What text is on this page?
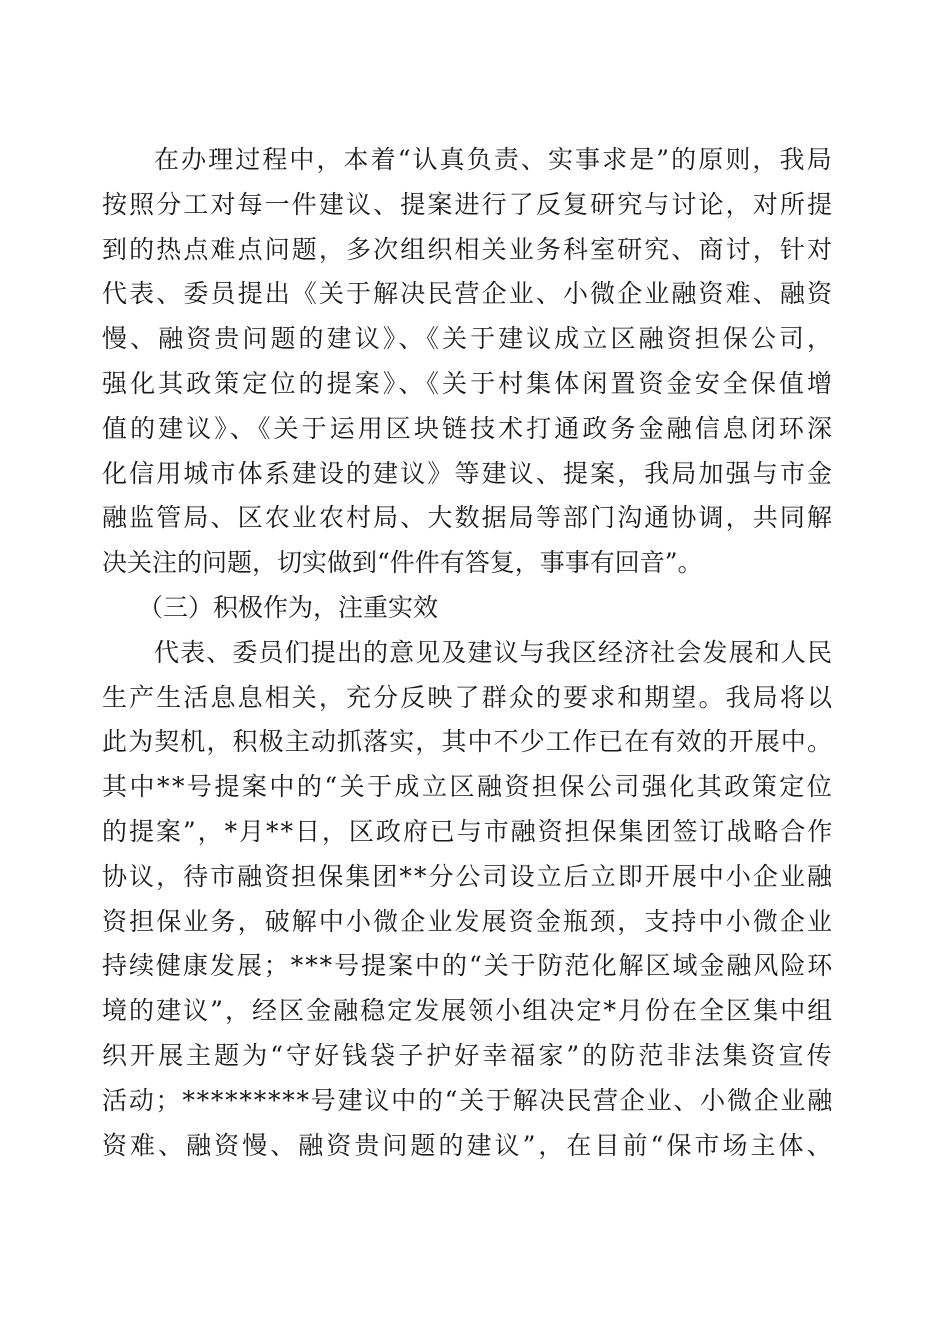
在办理过程中，本着“认真负责、实事求是”的原则，我局
按照分工对每一件建议、提案进行了反复研究与讨论，对所提
到的热点难点问题，多次组织相关业务科室研究、商讨，针对
代表、委员提出《关于解决民营企业、小微企业融资难、融资
慢、融资贵问题的建议》、《关于建议成立区融资担保公司，
强化其政策定位的提案》、《关于村集体闲置资金安全保值增
值的建议》、《关于运用区块链技术打通政务金融信息闭环深
化信用城市体系建设的建议》等建议、提案，我局加强与市金
融监管局、区农业农村局、大数据局等部门沟通协调，共同解
决关注的问题，切实做到“件件有答复，事事有回音”。
（三）积极作为，注重实效
代表、委员们提出的意见及建议与我区经济社会发展和人民
生产生活息息相关，充分反映了群众的要求和期望。我局将以
此为契机，积极主动抓落实，其中不少工作已在有效的开展中。
其中**号提案中的“关于成立区融资担保公司强化其政策定位
的提案”，*月**日，区政府已与市融资担保集团签订战略合作
协议，待市融资担保集团**分公司设立后立即开展中小企业融
资担保业务，破解中小微企业发展资金瓶颈，支持中小微企业
持续健康发展；***号提案中的“关于防范化解区域金融风险环
境的建议”，经区金融稳定发展领小组决定*月份在全区集中组
织开展主题为“守好钱袋子护好幸福家”的防范非法集资宣传
活动；*********号建议中的“关于解决民营企业、小微企业融
资难、融资慢、融资贵问题的建议”，在目前“保市场主体、
